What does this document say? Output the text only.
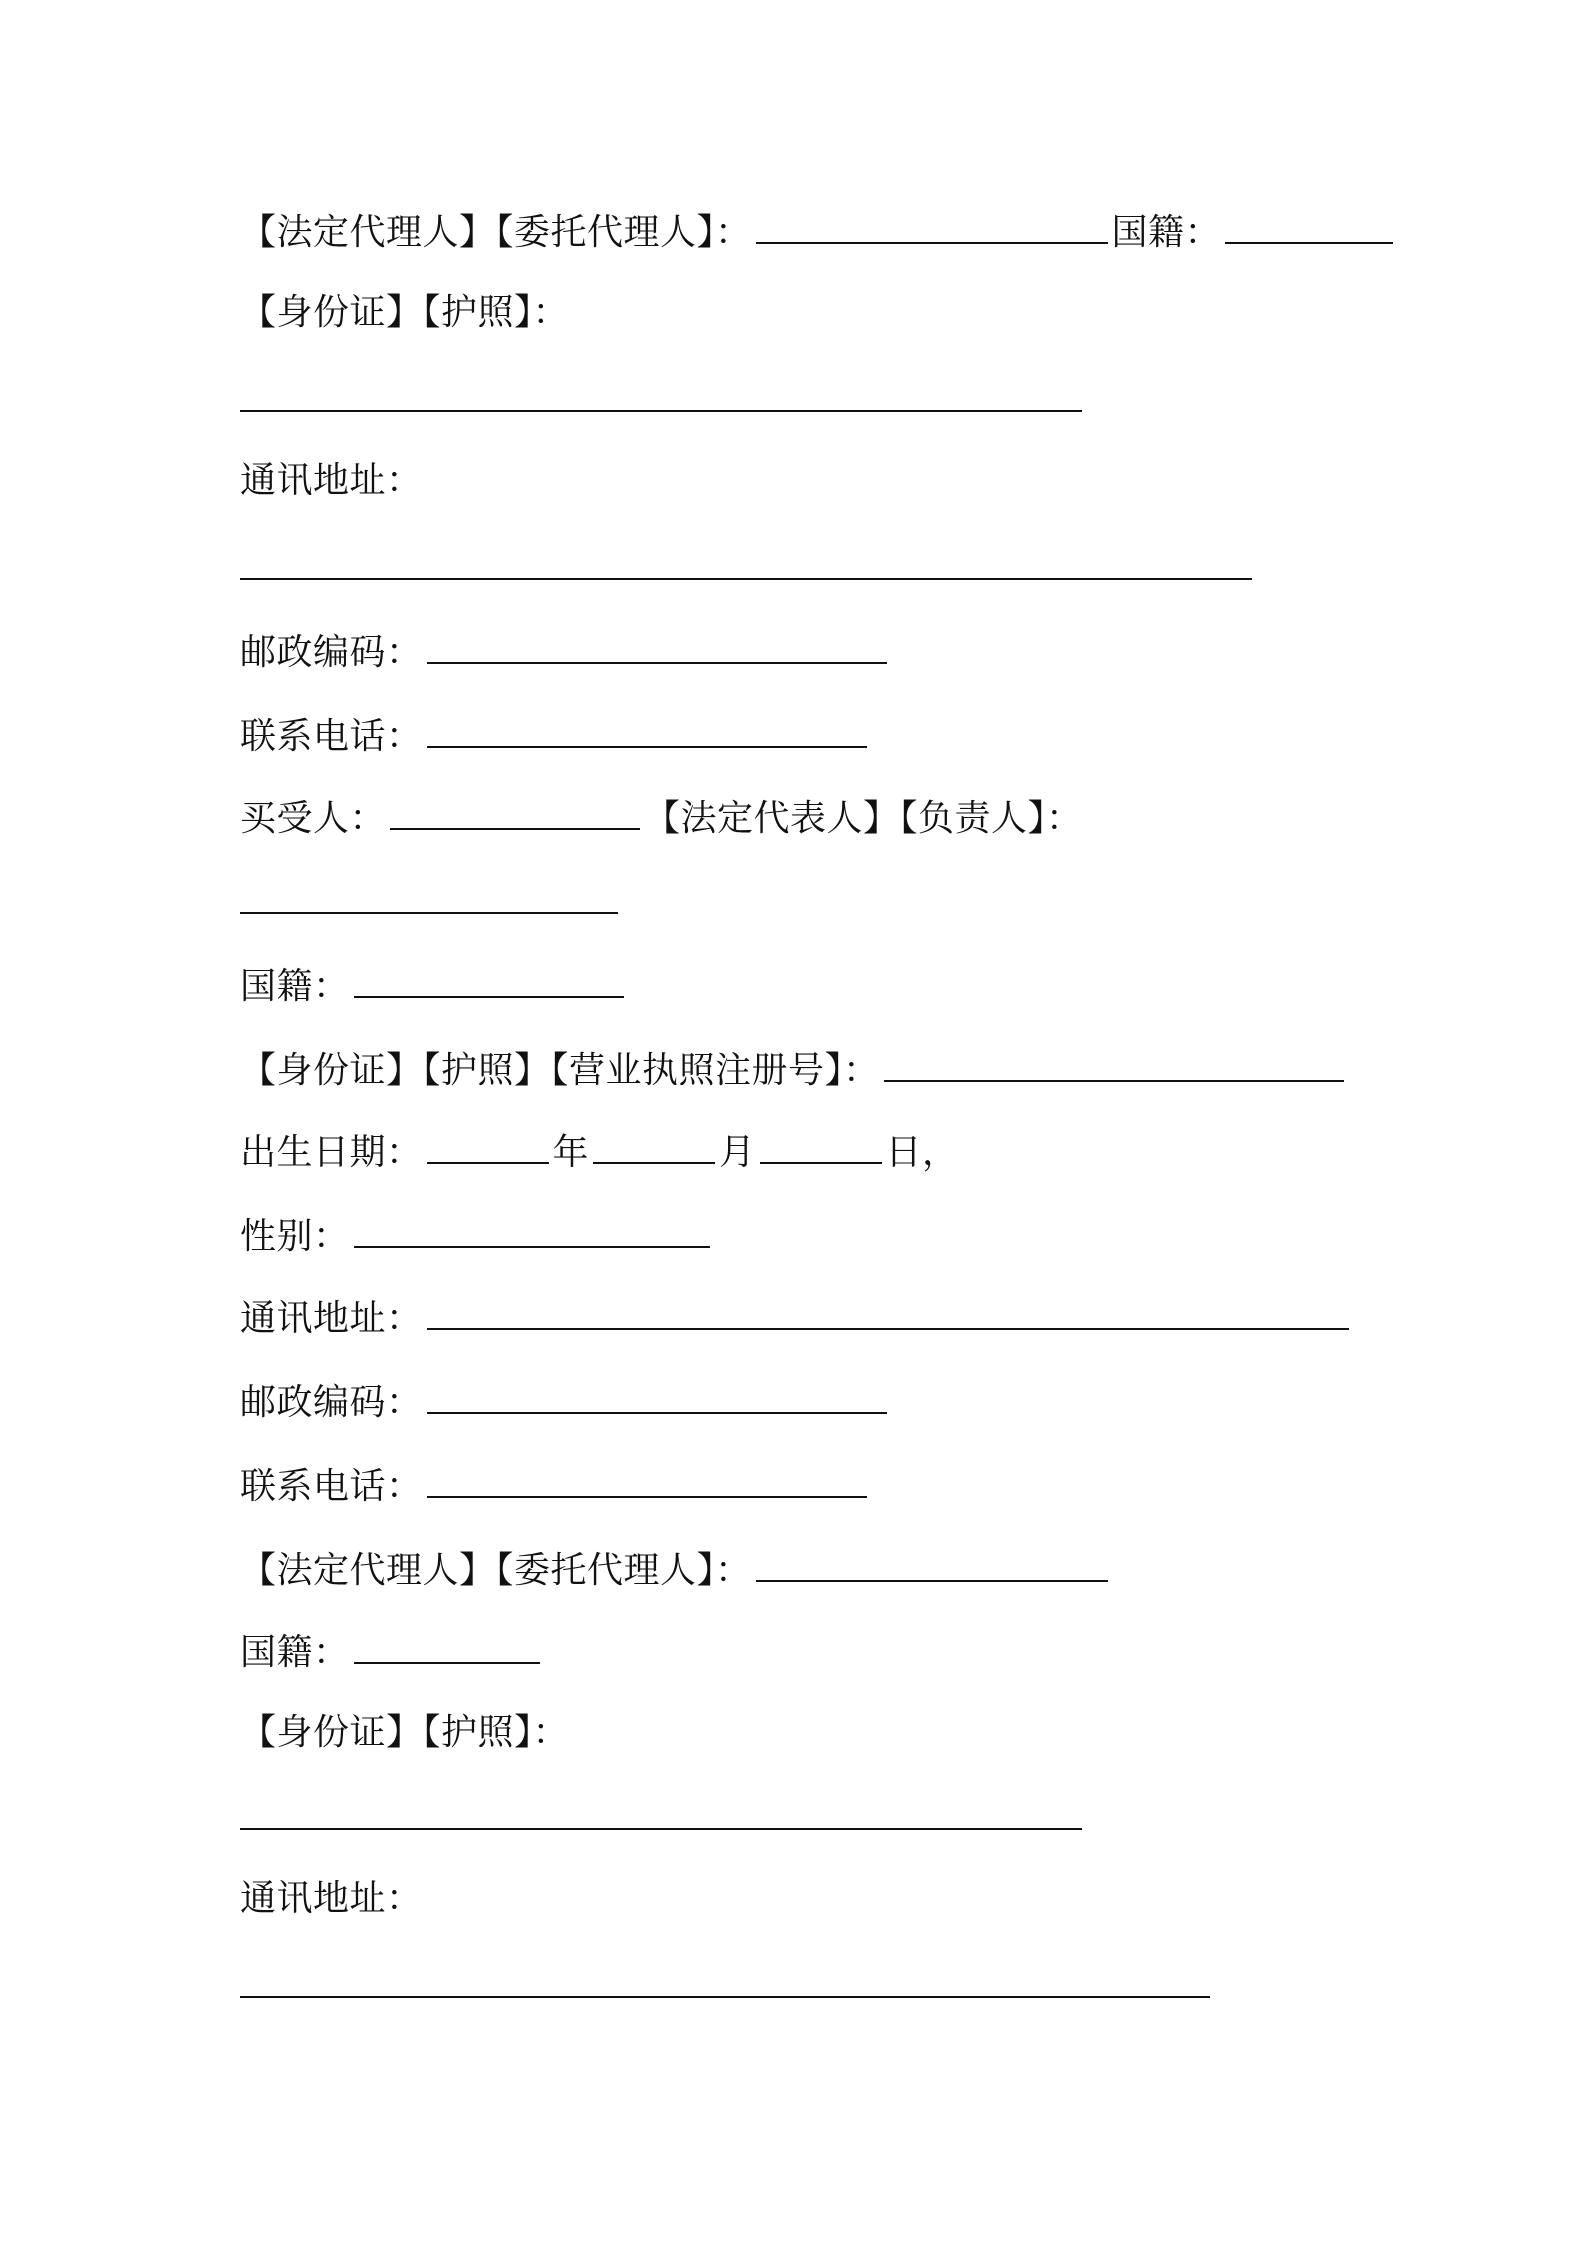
【法定代理人】【委托代理人】：	国籍：
【身份证】【护照】：
通讯地址：
邮政编码：
联系电话：
买受人：	【法定代表人】【负责人】：
国籍：
【身份证】【护照】【营业执照注册号】：
出生日期：	年	月	日，
性别：
通讯地址：
邮政编码：
联系电话：
【法定代理人】【委托代理人】：
国籍：
【身份证】【护照】：
通讯地址：
